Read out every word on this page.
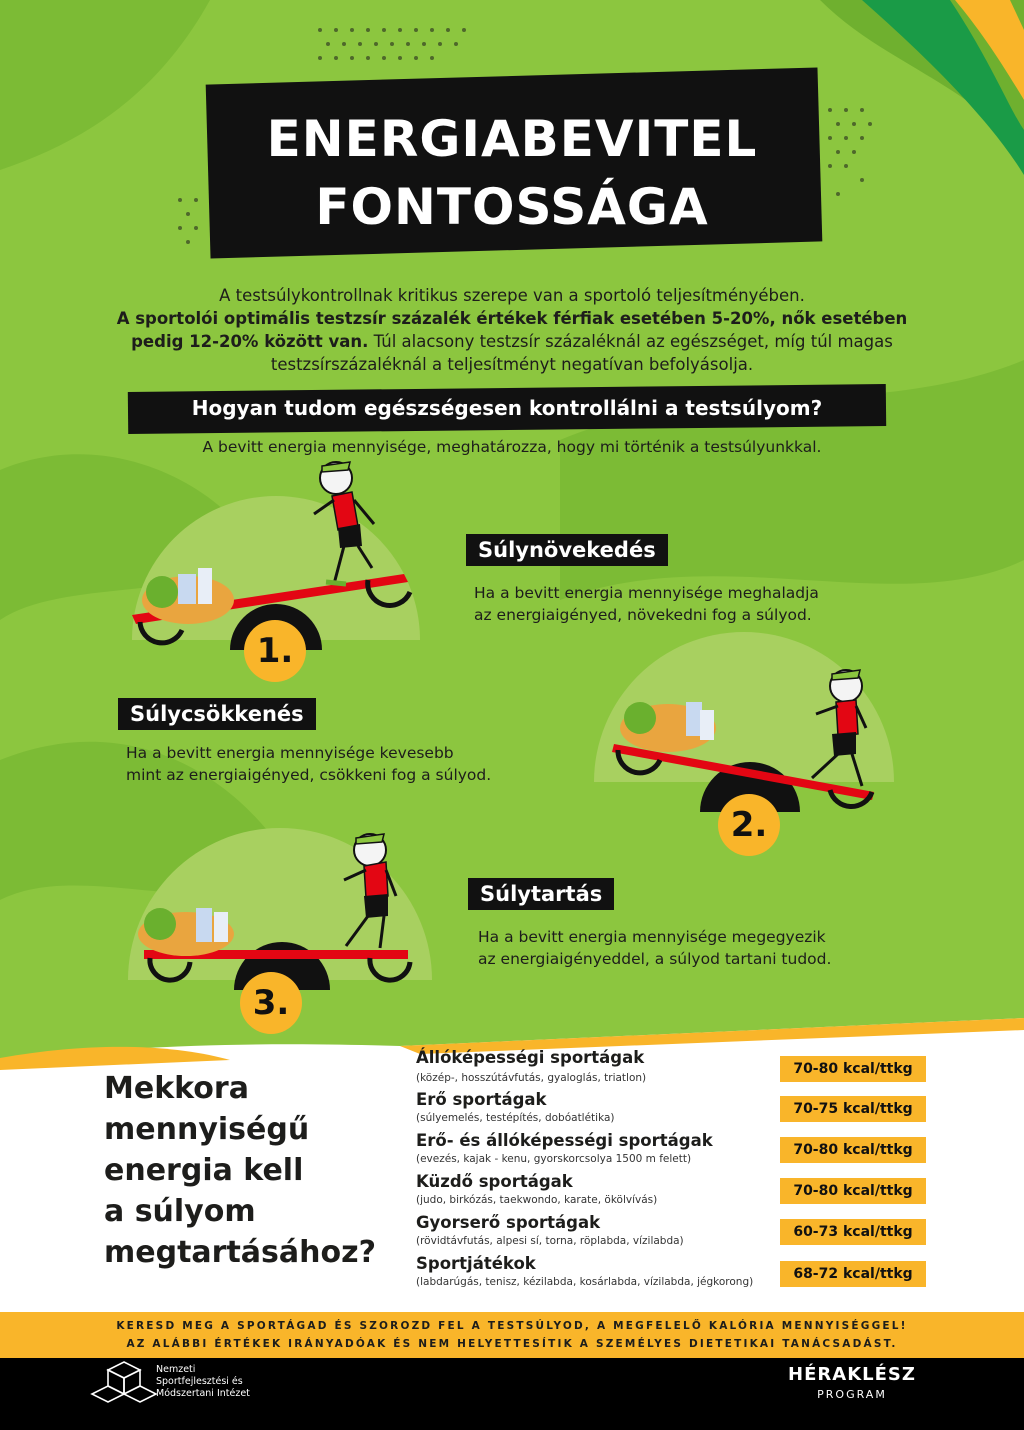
ENERGIABEVITEL
FONTOSSÁGA
A testsúlykontrollnak kritikus szerepe van a sportoló teljesítményében.
A sportolói optimális testzsír százalék értékek férfiak esetében 5-20%, nők esetében
pedig 12-20% között van. Túl alacsony testzsír százaléknál az egészséget, míg túl magas
testzsírszázaléknál a teljesítményt negatívan befolyásolja.
Hogyan tudom egészségesen kontrollálni a testsúlyom?
A bevitt energia mennyisége, meghatározza, hogy mi történik a testsúlyunkkal.
Súlynövekedés
Ha a bevitt energia mennyisége meghaladja
az energiaigényed, növekedni fog a súlyod.
1.
Súlycsökkenés
Ha a bevitt energia mennyisége kevesebb
mint az energiaigényed, csökkeni fog a súlyod.
2.
Súlytartás
Ha a bevitt energia mennyisége megegyezik
az energiaigényeddel, a súlyod tartani tudod.
3.
Mekkora
mennyiségű
energia kell
a súlyom
megtartásához?
Állóképességi sportágak
(közép-, hosszútávfutás, gyaloglás, triatlon)
70-80 kcal/ttkg
Erő sportágak
(súlyemelés, testépítés, dobóatlétika)
70-75 kcal/ttkg
Erő- és állóképességi sportágak
(evezés, kajak - kenu, gyorskorcsolya 1500 m felett)
70-80 kcal/ttkg
Küzdő sportágak
(judo, birkózás, taekwondo, karate, ökölvívás)
70-80 kcal/ttkg
Gyorserő sportágak
(rövidtávfutás, alpesi sí, torna, röplabda, vízilabda)
60-73 kcal/ttkg
Sportjátékok
(labdarúgás, tenisz, kézilabda, kosárlabda, vízilabda, jégkorong)	68-72 kcal/ttkg
KERESD MEG A SPORTÁGAD ÉS SZOROZD FEL A TESTSÚLYOD, A MEGFELELŐ KALÓRIA MENNYISÉGGEL!
AZ ALÁBBI ÉRTÉKEK IRÁNYADÓAK ÉS NEM HELYETTESÍTIK A SZEMÉLYES DIETETIKAI TANÁCSADÁST.
Nemzeti
Sportfejlesztési és
Módszertani Intézet
HÉRAKLÉSZ
PROGRAM
